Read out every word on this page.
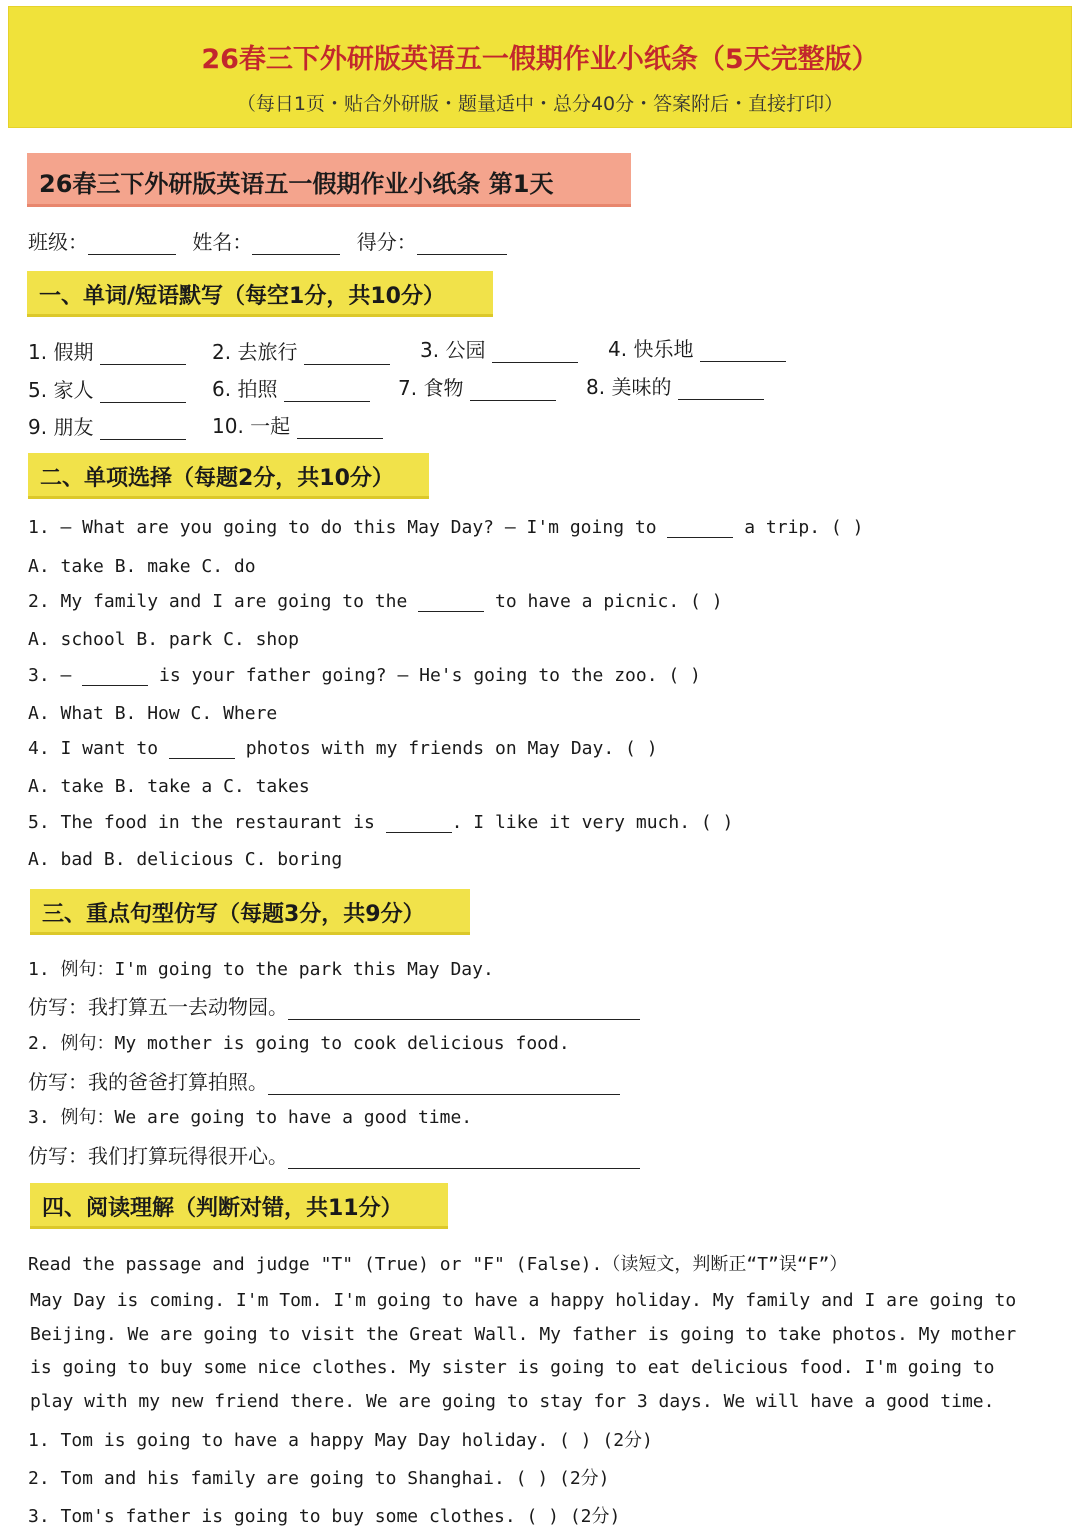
26春三下外研版英语五一假期作业小纸条（5天完整版）
（每日1页・贴合外研版・题量适中・总分40分・答案附后・直接打印）
26春三下外研版英语五一假期作业小纸条 第1天
班级：	姓名：	得分：
一、单词/短语默写（每空1分，共10分）
1. 假期	2. 去旅行	3. 公园	4. 快乐地
5. 家人	6. 拍照	7. 食物	8. 美味的
9. 朋友	10. 一起
二、单项选择（每题2分，共10分）
1. — What are you going to do this May Day? — I'm going to	a trip. ( )
A. take B. make C. do
2. My family and I are going to the	to have a picnic. ( )
A. school B. park C. shop
3. —	is your father going? — He's going to the zoo. ( )
A. What B. How C. Where
4. I want to	photos with my friends on May Day. ( )
A. take B. take a C. takes
5. The food in the restaurant is	. I like it very much. ( )
A. bad B. delicious C. boring
三、重点句型仿写（每题3分，共9分）
1. 例句：I'm going to the park this May Day.
仿写：我打算五一去动物园。
2. 例句：My mother is going to cook delicious food.
仿写：我的爸爸打算拍照。
3. 例句：We are going to have a good time.
仿写：我们打算玩得很开心。
四、阅读理解（判断对错，共11分）
Read the passage and judge "T" (True) or "F" (False).（读短文，判断正“T”误“F”）
May Day is coming. I'm Tom. I'm going to have a happy holiday. My family and I are going to
Beijing. We are going to visit the Great Wall. My father is going to take photos. My mother
is going to buy some nice clothes. My sister is going to eat delicious food. I'm going to
play with my new friend there. We are going to stay for 3 days. We will have a good time.
1. Tom is going to have a happy May Day holiday. ( ) (2分)
2. Tom and his family are going to Shanghai. ( ) (2分)
3. Tom's father is going to buy some clothes. ( ) (2分)
